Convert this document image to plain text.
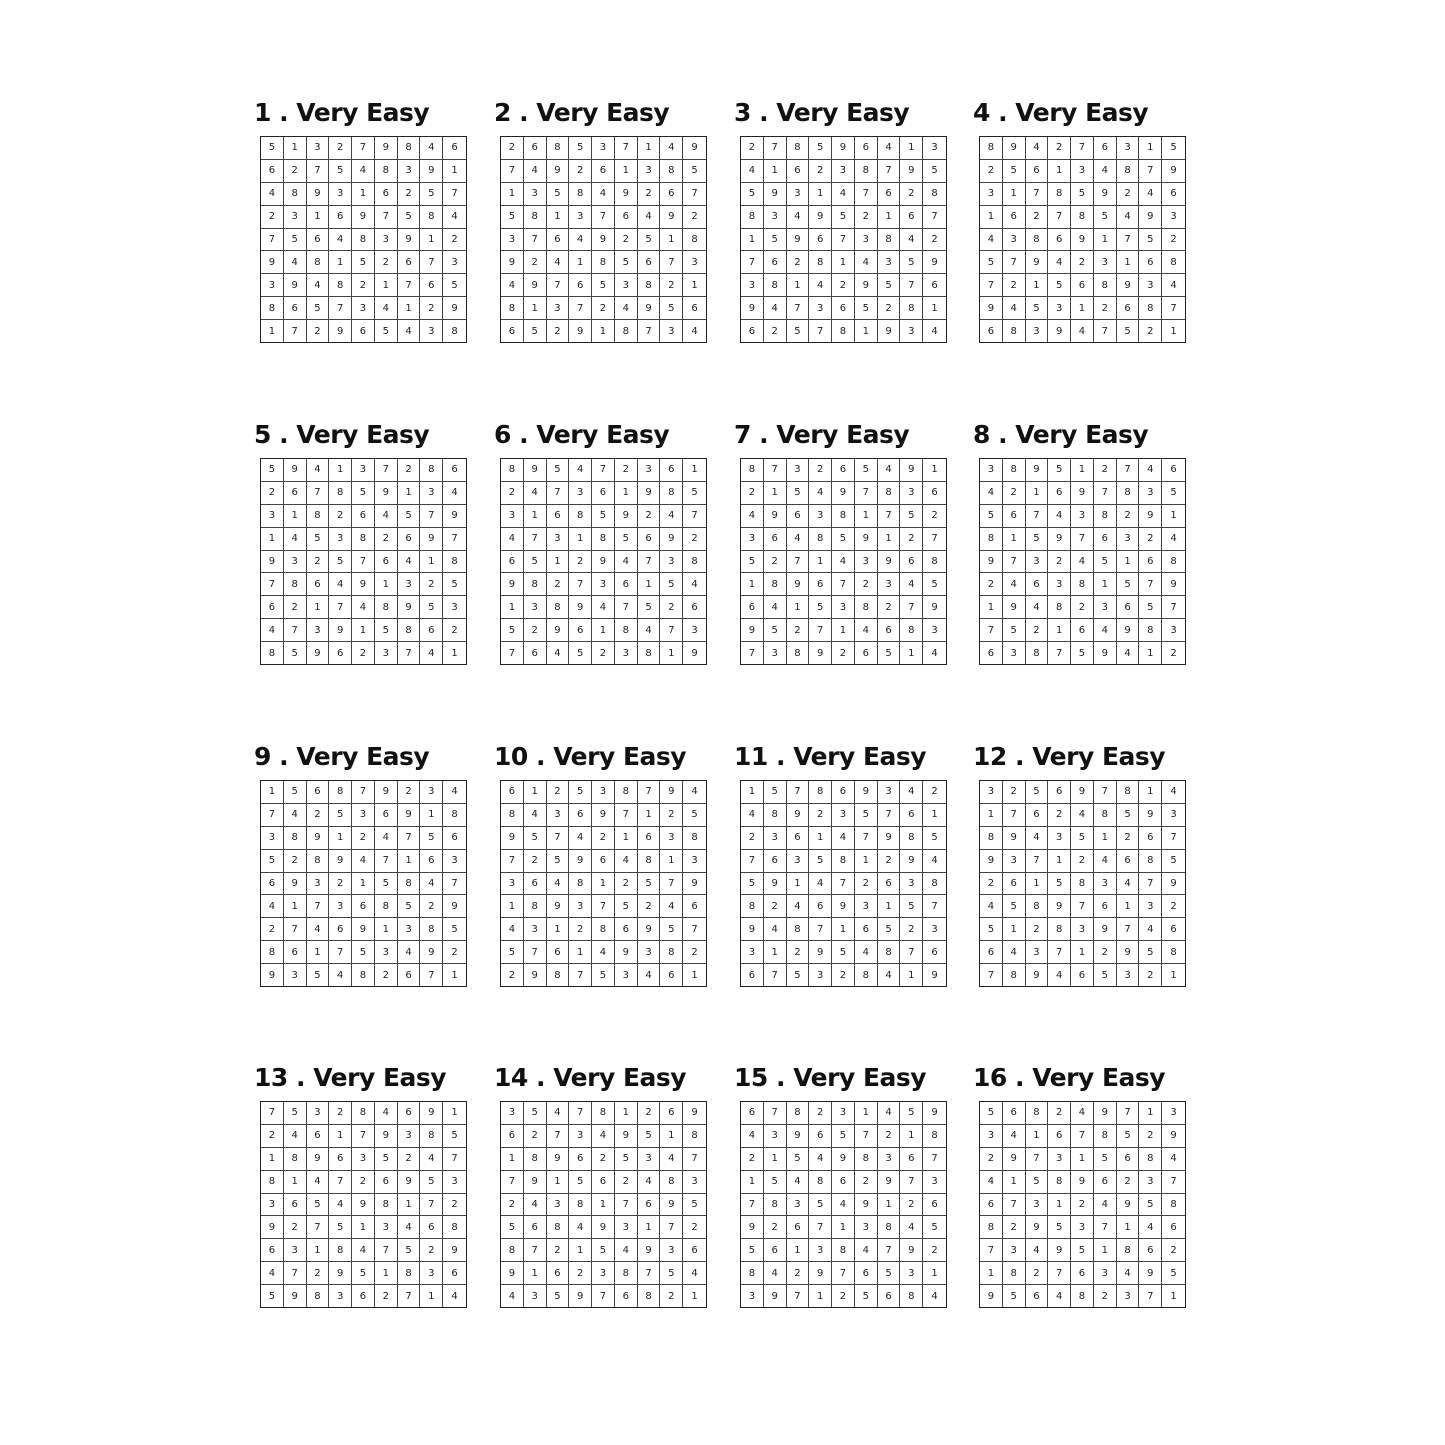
1 . Very Easy
5	1	3	2	7	9	8	4	6
6	2	7	5	4	8	3	9	1
4	8	9	3	1	6	2	5	7
2	3	1	6	9	7	5	8	4
7	5	6	4	8	3	9	1	2
9	4	8	1	5	2	6	7	3
3	9	4	8	2	1	7	6	5
8	6	5	7	3	4	1	2	9
1	7	2	9	6	5	4	3	8
2 . Very Easy
2	6	8	5	3	7	1	4	9
7	4	9	2	6	1	3	8	5
1	3	5	8	4	9	2	6	7
5	8	1	3	7	6	4	9	2
3	7	6	4	9	2	5	1	8
9	2	4	1	8	5	6	7	3
4	9	7	6	5	3	8	2	1
8	1	3	7	2	4	9	5	6
6	5	2	9	1	8	7	3	4
3 . Very Easy
2	7	8	5	9	6	4	1	3
4	1	6	2	3	8	7	9	5
5	9	3	1	4	7	6	2	8
8	3	4	9	5	2	1	6	7
1	5	9	6	7	3	8	4	2
7	6	2	8	1	4	3	5	9
3	8	1	4	2	9	5	7	6
9	4	7	3	6	5	2	8	1
6	2	5	7	8	1	9	3	4
4 . Very Easy
8	9	4	2	7	6	3	1	5
2	5	6	1	3	4	8	7	9
3	1	7	8	5	9	2	4	6
1	6	2	7	8	5	4	9	3
4	3	8	6	9	1	7	5	2
5	7	9	4	2	3	1	6	8
7	2	1	5	6	8	9	3	4
9	4	5	3	1	2	6	8	7
6	8	3	9	4	7	5	2	1
5 . Very Easy
5	9	4	1	3	7	2	8	6
2	6	7	8	5	9	1	3	4
3	1	8	2	6	4	5	7	9
1	4	5	3	8	2	6	9	7
9	3	2	5	7	6	4	1	8
7	8	6	4	9	1	3	2	5
6	2	1	7	4	8	9	5	3
4	7	3	9	1	5	8	6	2
8	5	9	6	2	3	7	4	1
6 . Very Easy
8	9	5	4	7	2	3	6	1
2	4	7	3	6	1	9	8	5
3	1	6	8	5	9	2	4	7
4	7	3	1	8	5	6	9	2
6	5	1	2	9	4	7	3	8
9	8	2	7	3	6	1	5	4
1	3	8	9	4	7	5	2	6
5	2	9	6	1	8	4	7	3
7	6	4	5	2	3	8	1	9
7 . Very Easy
8	7	3	2	6	5	4	9	1
2	1	5	4	9	7	8	3	6
4	9	6	3	8	1	7	5	2
3	6	4	8	5	9	1	2	7
5	2	7	1	4	3	9	6	8
1	8	9	6	7	2	3	4	5
6	4	1	5	3	8	2	7	9
9	5	2	7	1	4	6	8	3
7	3	8	9	2	6	5	1	4
8 . Very Easy
3	8	9	5	1	2	7	4	6
4	2	1	6	9	7	8	3	5
5	6	7	4	3	8	2	9	1
8	1	5	9	7	6	3	2	4
9	7	3	2	4	5	1	6	8
2	4	6	3	8	1	5	7	9
1	9	4	8	2	3	6	5	7
7	5	2	1	6	4	9	8	3
6	3	8	7	5	9	4	1	2
9 . Very Easy
1	5	6	8	7	9	2	3	4
7	4	2	5	3	6	9	1	8
3	8	9	1	2	4	7	5	6
5	2	8	9	4	7	1	6	3
6	9	3	2	1	5	8	4	7
4	1	7	3	6	8	5	2	9
2	7	4	6	9	1	3	8	5
8	6	1	7	5	3	4	9	2
9	3	5	4	8	2	6	7	1
10 . Very Easy
6	1	2	5	3	8	7	9	4
8	4	3	6	9	7	1	2	5
9	5	7	4	2	1	6	3	8
7	2	5	9	6	4	8	1	3
3	6	4	8	1	2	5	7	9
1	8	9	3	7	5	2	4	6
4	3	1	2	8	6	9	5	7
5	7	6	1	4	9	3	8	2
2	9	8	7	5	3	4	6	1
11 . Very Easy
1	5	7	8	6	9	3	4	2
4	8	9	2	3	5	7	6	1
2	3	6	1	4	7	9	8	5
7	6	3	5	8	1	2	9	4
5	9	1	4	7	2	6	3	8
8	2	4	6	9	3	1	5	7
9	4	8	7	1	6	5	2	3
3	1	2	9	5	4	8	7	6
6	7	5	3	2	8	4	1	9
12 . Very Easy
3	2	5	6	9	7	8	1	4
1	7	6	2	4	8	5	9	3
8	9	4	3	5	1	2	6	7
9	3	7	1	2	4	6	8	5
2	6	1	5	8	3	4	7	9
4	5	8	9	7	6	1	3	2
5	1	2	8	3	9	7	4	6
6	4	3	7	1	2	9	5	8
7	8	9	4	6	5	3	2	1
13 . Very Easy
7	5	3	2	8	4	6	9	1
2	4	6	1	7	9	3	8	5
1	8	9	6	3	5	2	4	7
8	1	4	7	2	6	9	5	3
3	6	5	4	9	8	1	7	2
9	2	7	5	1	3	4	6	8
6	3	1	8	4	7	5	2	9
4	7	2	9	5	1	8	3	6
5	9	8	3	6	2	7	1	4
14 . Very Easy
3	5	4	7	8	1	2	6	9
6	2	7	3	4	9	5	1	8
1	8	9	6	2	5	3	4	7
7	9	1	5	6	2	4	8	3
2	4	3	8	1	7	6	9	5
5	6	8	4	9	3	1	7	2
8	7	2	1	5	4	9	3	6
9	1	6	2	3	8	7	5	4
4	3	5	9	7	6	8	2	1
15 . Very Easy
6	7	8	2	3	1	4	5	9
4	3	9	6	5	7	2	1	8
2	1	5	4	9	8	3	6	7
1	5	4	8	6	2	9	7	3
7	8	3	5	4	9	1	2	6
9	2	6	7	1	3	8	4	5
5	6	1	3	8	4	7	9	2
8	4	2	9	7	6	5	3	1
3	9	7	1	2	5	6	8	4
16 . Very Easy
5	6	8	2	4	9	7	1	3
3	4	1	6	7	8	5	2	9
2	9	7	3	1	5	6	8	4
4	1	5	8	9	6	2	3	7
6	7	3	1	2	4	9	5	8
8	2	9	5	3	7	1	4	6
7	3	4	9	5	1	8	6	2
1	8	2	7	6	3	4	9	5
9	5	6	4	8	2	3	7	1
